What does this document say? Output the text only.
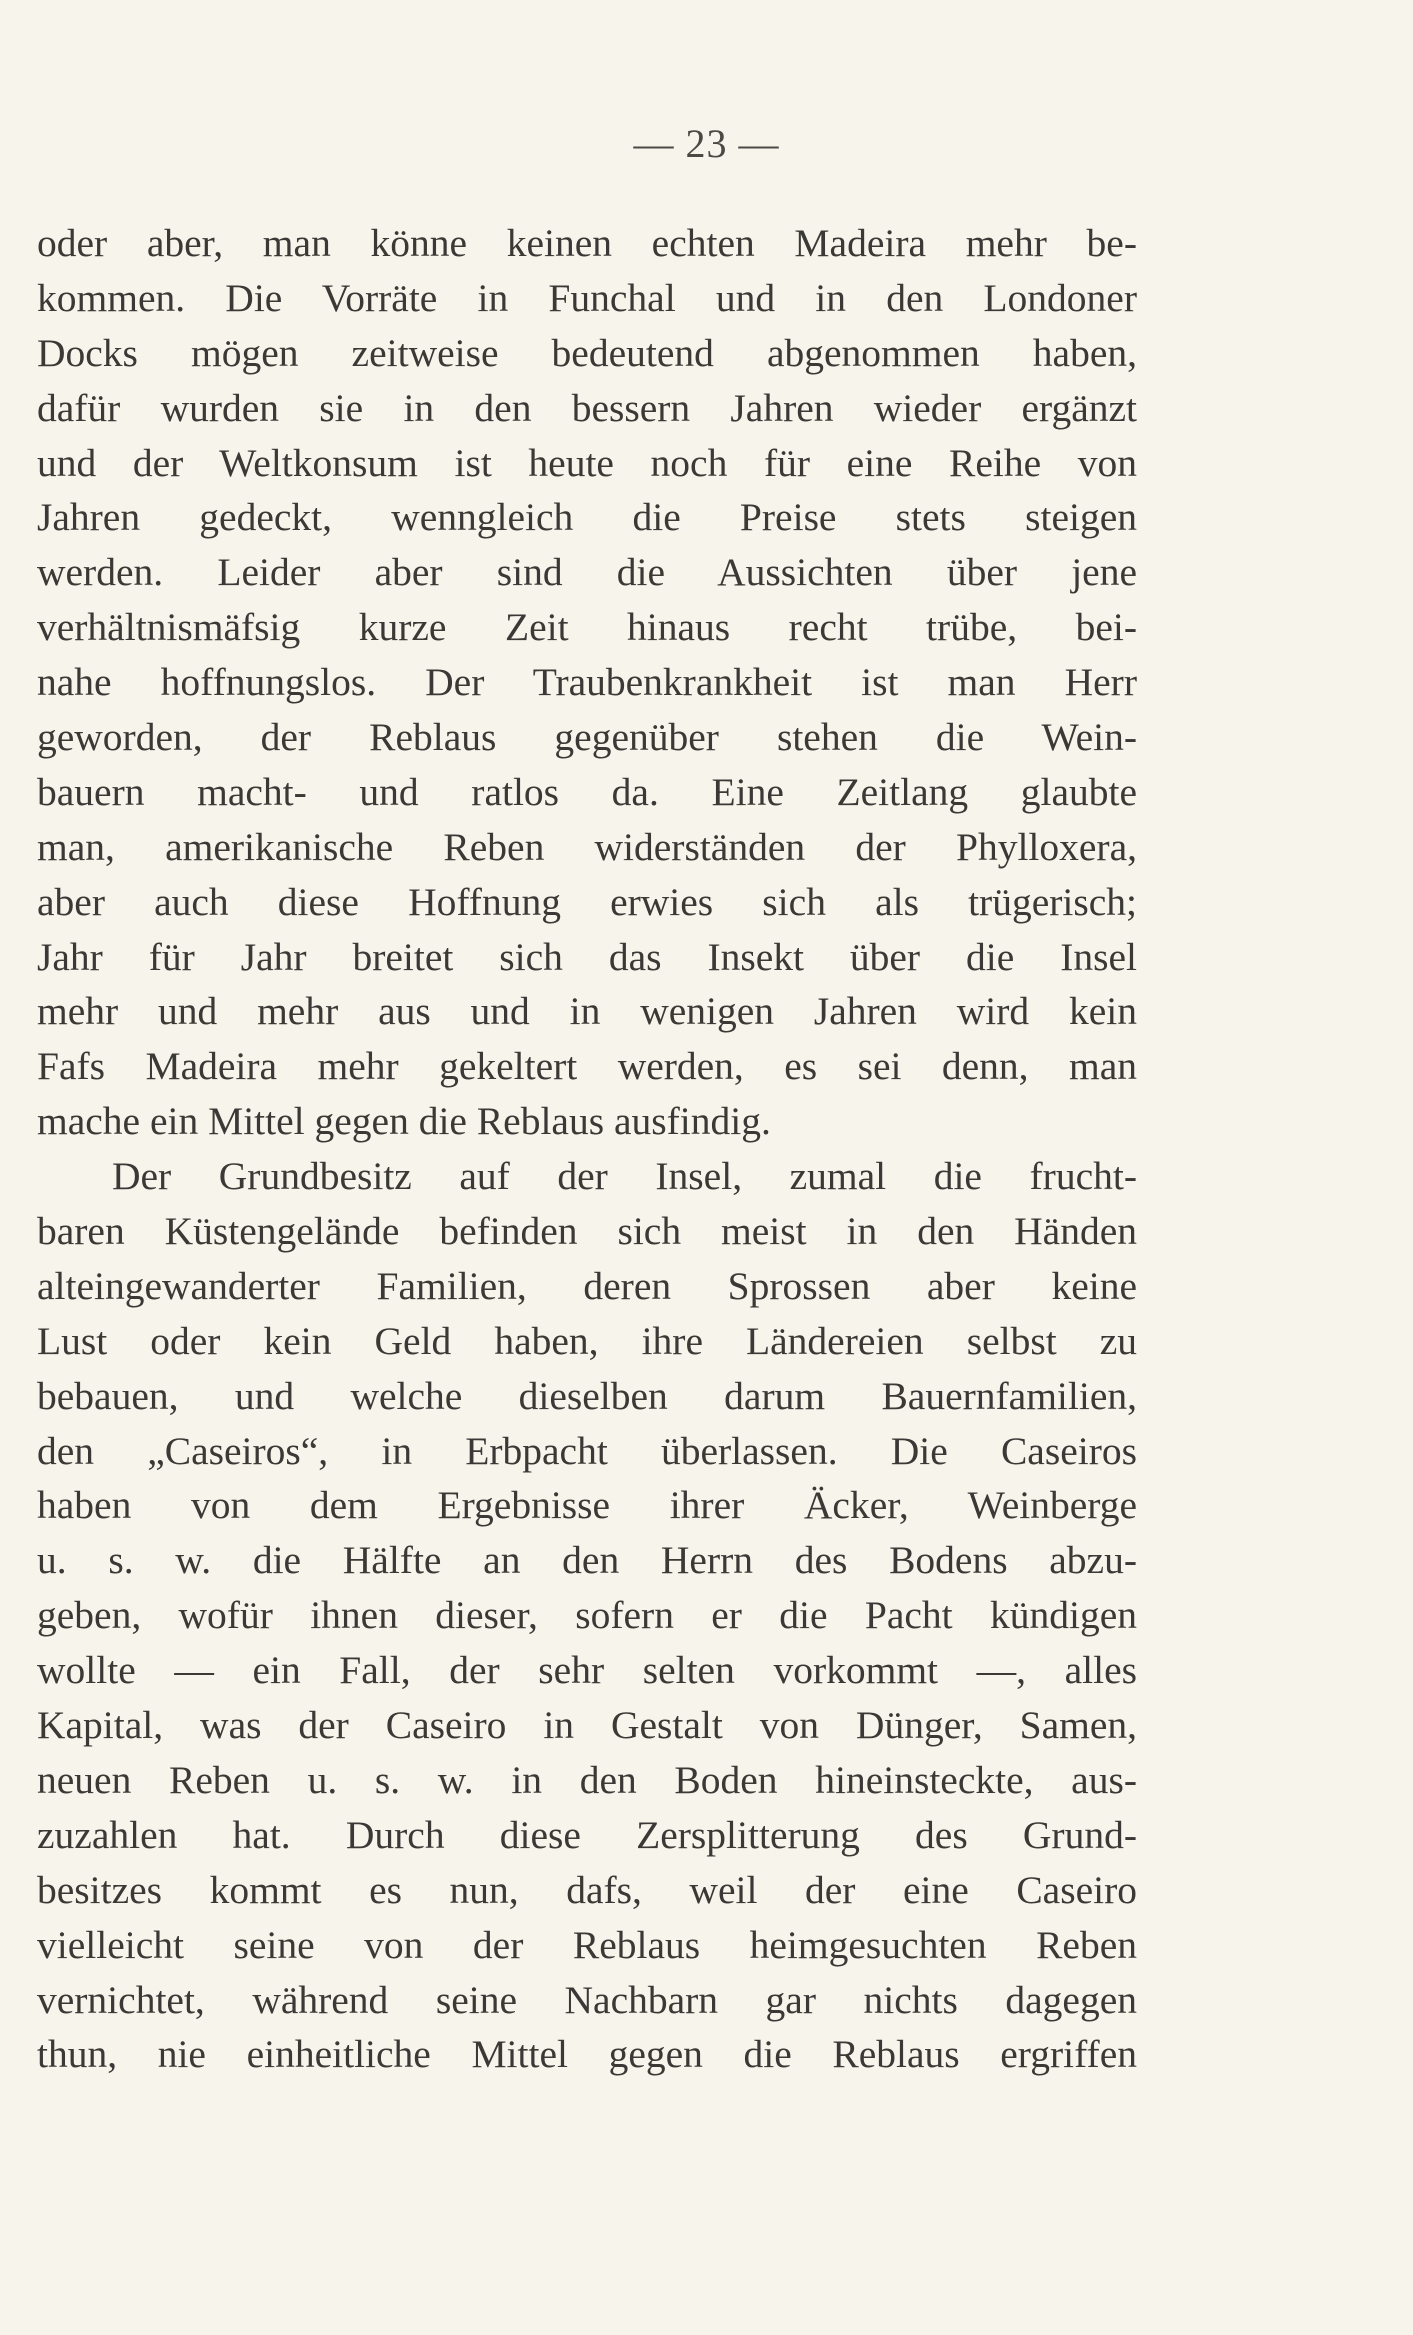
— 23 —
oder aber, man könne keinen echten Madeira mehr be-
kommen. Die Vorräte in Funchal und in den Londoner
Docks mögen zeitweise bedeutend abgenommen haben,
dafür wurden sie in den bessern Jahren wieder ergänzt
und der Weltkonsum ist heute noch für eine Reihe von
Jahren gedeckt, wenngleich die Preise stets steigen
werden. Leider aber sind die Aussichten über jene
verhältnismäfsig kurze Zeit hinaus recht trübe, bei-
nahe hoffnungslos. Der Traubenkrankheit ist man Herr
geworden, der Reblaus gegenüber stehen die Wein-
bauern macht- und ratlos da. Eine Zeitlang glaubte
man, amerikanische Reben widerständen der Phylloxera,
aber auch diese Hoffnung erwies sich als trügerisch;
Jahr für Jahr breitet sich das Insekt über die Insel
mehr und mehr aus und in wenigen Jahren wird kein
Fafs Madeira mehr gekeltert werden, es sei denn, man
mache ein Mittel gegen die Reblaus ausfindig.
Der Grundbesitz auf der Insel, zumal die frucht-
baren Küstengelände befinden sich meist in den Händen
alteingewanderter Familien, deren Sprossen aber keine
Lust oder kein Geld haben, ihre Ländereien selbst zu
bebauen, und welche dieselben darum Bauernfamilien,
den „Caseiros“, in Erbpacht überlassen. Die Caseiros
haben von dem Ergebnisse ihrer Äcker, Weinberge
u. s. w. die Hälfte an den Herrn des Bodens abzu-
geben, wofür ihnen dieser, sofern er die Pacht kündigen
wollte — ein Fall, der sehr selten vorkommt —, alles
Kapital, was der Caseiro in Gestalt von Dünger, Samen,
neuen Reben u. s. w. in den Boden hineinsteckte, aus-
zuzahlen hat. Durch diese Zersplitterung des Grund-
besitzes kommt es nun, dafs, weil der eine Caseiro
vielleicht seine von der Reblaus heimgesuchten Reben
vernichtet, während seine Nachbarn gar nichts dagegen
thun, nie einheitliche Mittel gegen die Reblaus ergriffen
